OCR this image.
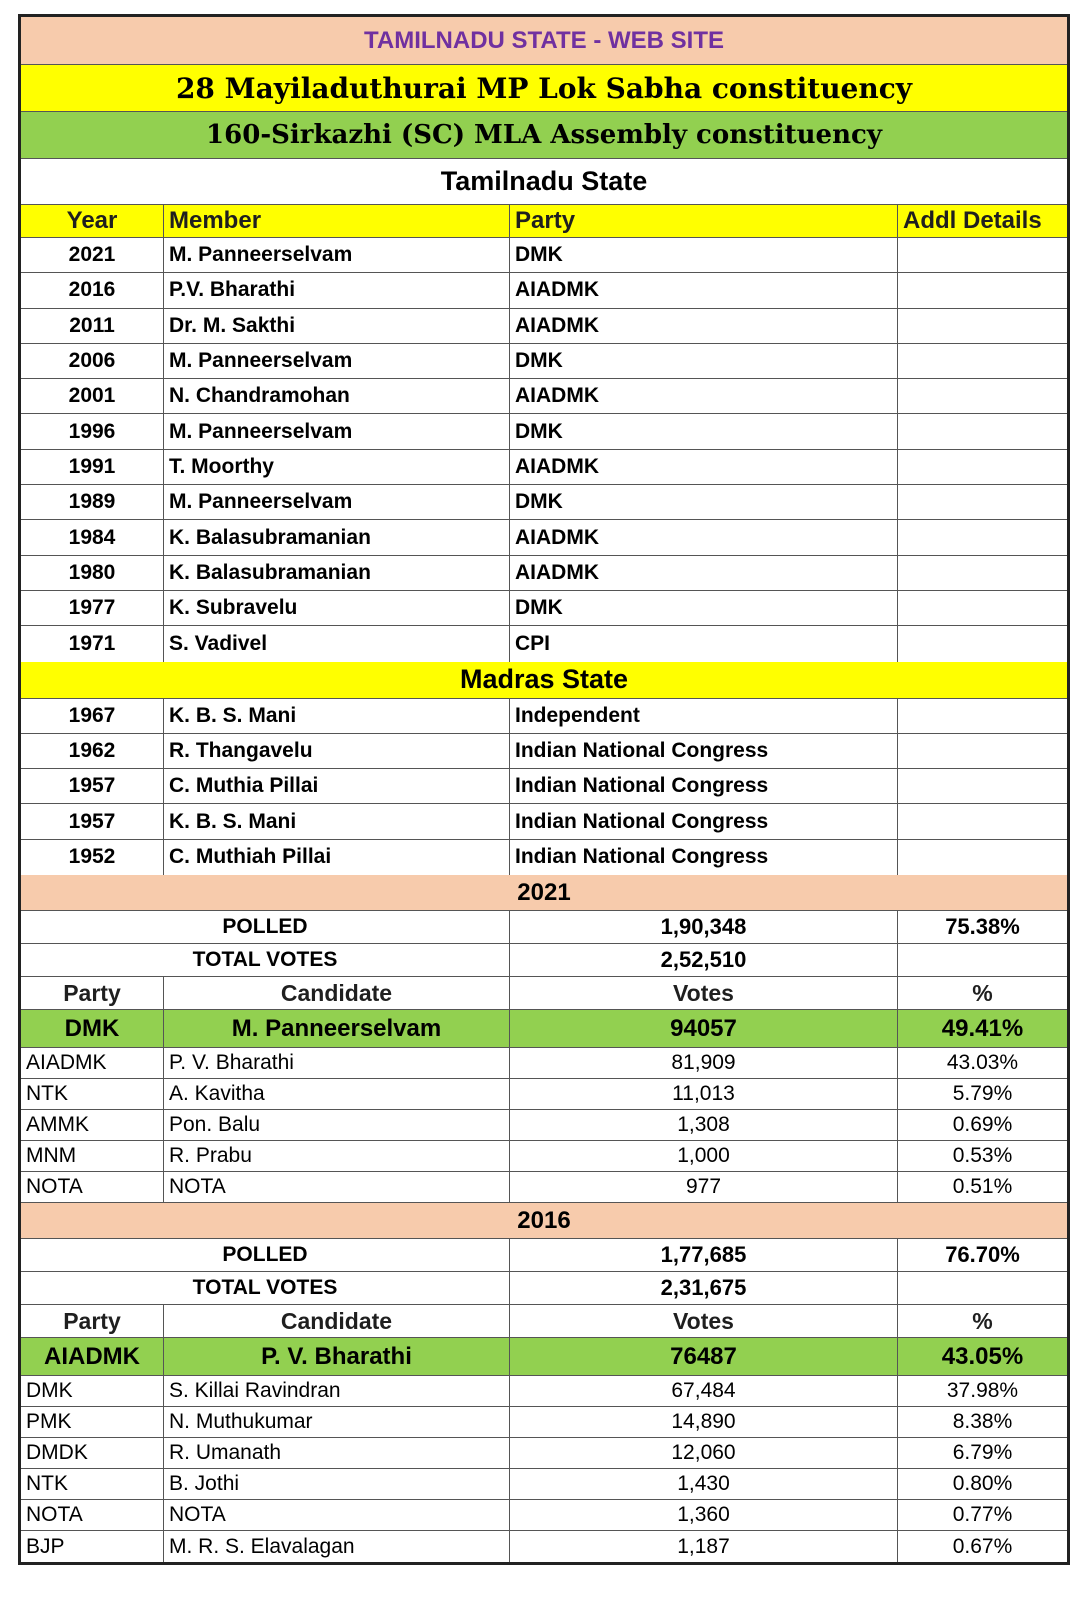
TAMILNADU STATE - WEB SITE
28 Mayiladuthurai MP Lok Sabha constituency
160-Sirkazhi (SC) MLA Assembly constituency
Tamilnadu State
Year	Member	Party	Addl Details
2021	M. Panneerselvam	DMK
2016	P.V. Bharathi	AIADMK
2011	Dr. M. Sakthi	AIADMK
2006	M. Panneerselvam	DMK
2001	N. Chandramohan	AIADMK
1996	M. Panneerselvam	DMK
1991	T. Moorthy	AIADMK
1989	M. Panneerselvam	DMK
1984	K. Balasubramanian	AIADMK
1980	K. Balasubramanian	AIADMK
1977	K. Subravelu	DMK
1971	S. Vadivel	CPI
Madras State
1967	K. B. S. Mani	Independent
1962	R. Thangavelu	Indian National Congress
1957	C. Muthia Pillai	Indian National Congress
1957	K. B. S. Mani	Indian National Congress
1952	C. Muthiah Pillai	Indian National Congress
2021
POLLED	1,90,348	75.38%
TOTAL VOTES	2,52,510
Party	Candidate	Votes	%
DMK	M. Panneerselvam	94057	49.41%
AIADMK	P. V. Bharathi	81,909	43.03%
NTK	A. Kavitha	11,013	5.79%
AMMK	Pon. Balu	1,308	0.69%
MNM	R. Prabu	1,000	0.53%
NOTA	NOTA	977	0.51%
2016
POLLED	1,77,685	76.70%
TOTAL VOTES	2,31,675
Party	Candidate	Votes	%
AIADMK	P. V. Bharathi	76487	43.05%
DMK	S. Killai Ravindran	67,484	37.98%
PMK	N. Muthukumar	14,890	8.38%
DMDK	R. Umanath	12,060	6.79%
NTK	B. Jothi	1,430	0.80%
NOTA	NOTA	1,360	0.77%
BJP	M. R. S. Elavalagan	1,187	0.67%
